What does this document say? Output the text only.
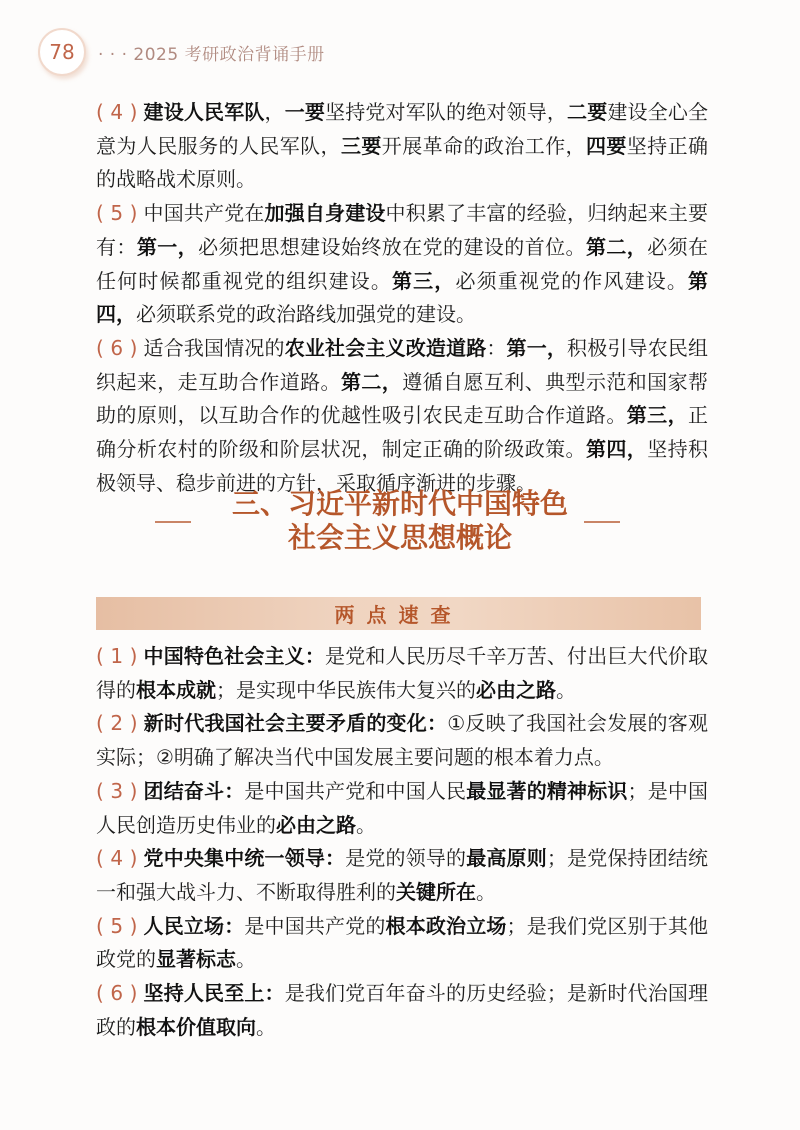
78	· · · 2025 考研政治背诵手册

( 4 ) 建设人民军队，一要坚持党对军队的绝对领导，二要建设全心全意为人民服务的人民军队，三要开展革命的政治工作，四要坚持正确的战略战术原则。

( 5 ) 中国共产党在加强自身建设中积累了丰富的经验，归纳起来主要有：第一，必须把思想建设始终放在党的建设的首位。第二，必须在任何时候都重视党的组织建设。第三，必须重视党的作风建设。第四，必须联系党的政治路线加强党的建设。

( 6 ) 适合我国情况的农业社会主义改造道路：第一，积极引导农民组织起来，走互助合作道路。第二，遵循自愿互利、典型示范和国家帮助的原则，以互助合作的优越性吸引农民走互助合作道路。第三，正确分析农村的阶级和阶层状况，制定正确的阶级政策。第四，坚持积极领导、稳步前进的方针，采取循序渐进的步骤。

三、习近平新时代中国特色
社会主义思想概论
两点速查

( 1 ) 中国特色社会主义：是党和人民历尽千辛万苦、付出巨大代价取得的根本成就；是实现中华民族伟大复兴的必由之路。

( 2 ) 新时代我国社会主要矛盾的变化：①反映了我国社会发展的客观实际；②明确了解决当代中国发展主要问题的根本着力点。

( 3 ) 团结奋斗：是中国共产党和中国人民最显著的精神标识；是中国人民创造历史伟业的必由之路。

( 4 ) 党中央集中统一领导：是党的领导的最高原则；是党保持团结统一和强大战斗力、不断取得胜利的关键所在。

( 5 ) 人民立场：是中国共产党的根本政治立场；是我们党区别于其他政党的显著标志。

( 6 ) 坚持人民至上：是我们党百年奋斗的历史经验；是新时代治国理政的根本价值取向。
